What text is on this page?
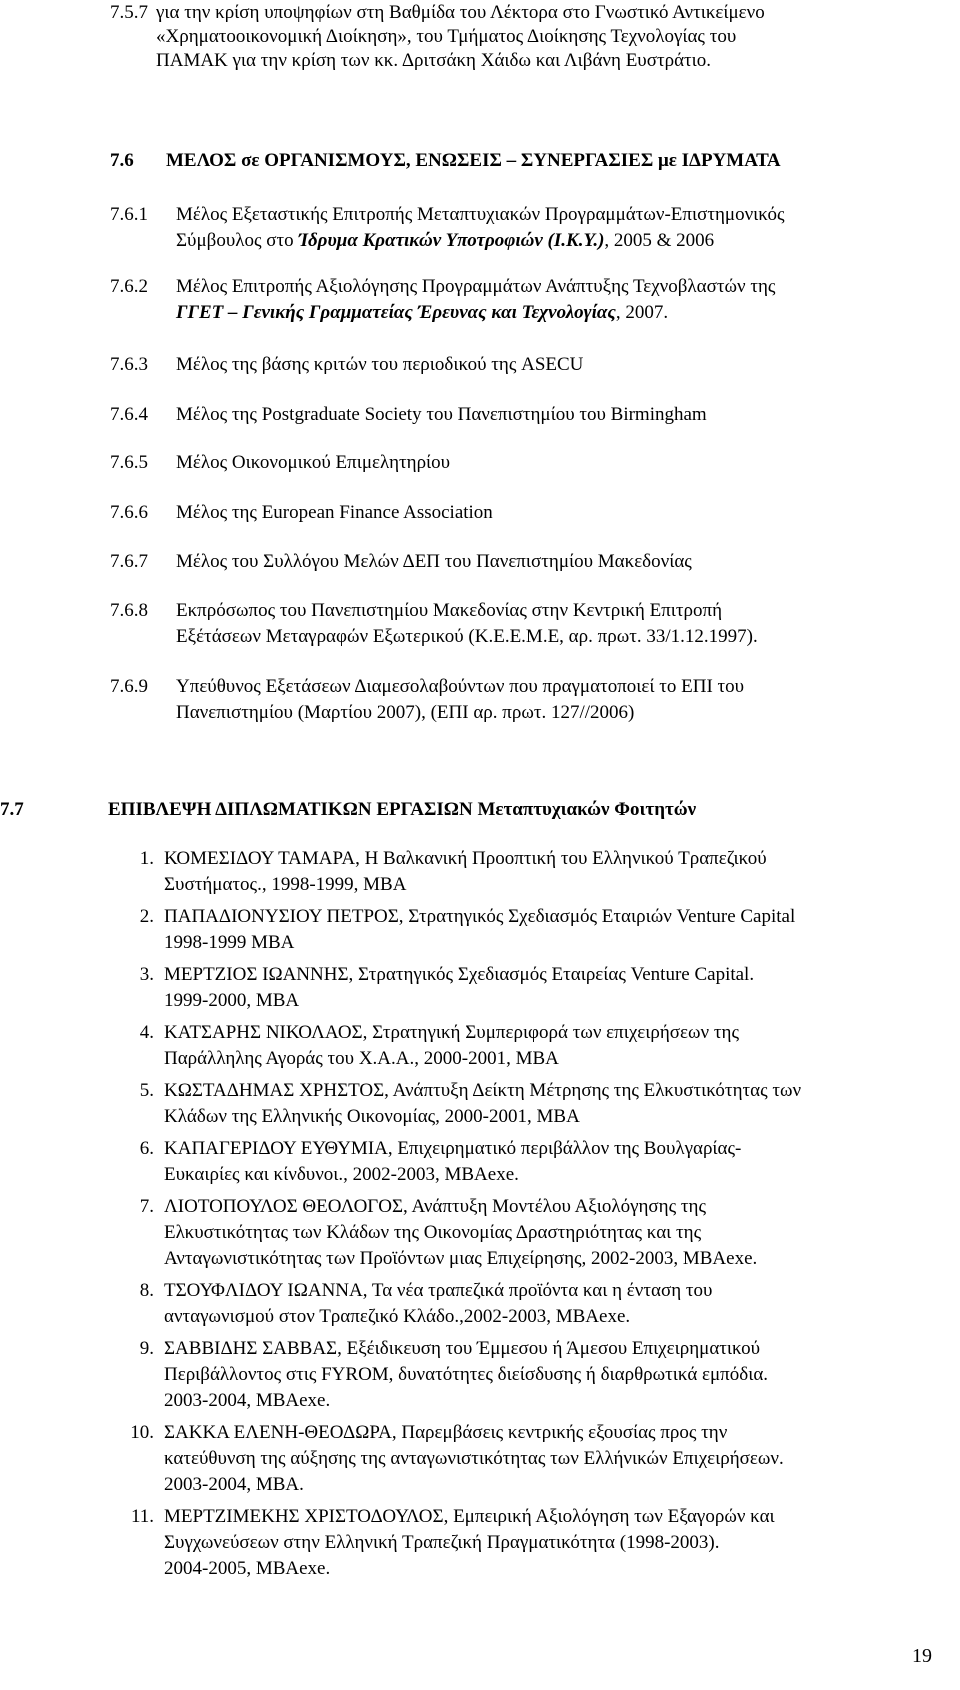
7.5.7 για την κρίση υποψηφίων στη Βαθμίδα του Λέκτορα στο Γνωστικό Αντικείμενο
«Χρηματοοικονομική Διοίκηση», του Τμήματος Διοίκησης Τεχνολογίας του
ΠΑΜΑΚ για την κρίση των κκ. Δριτσάκη Χάιδω και Λιβάνη Ευστράτιο.
7.6	ΜΕΛΟΣ σε ΟΡΓΑΝΙΣΜΟΥΣ, ΕΝΩΣΕΙΣ – ΣΥΝΕΡΓΑΣΙΕΣ με ΙΔΡΥΜΑΤΑ
7.6.1	Μέλος Εξεταστικής Επιτροπής Μεταπτυχιακών Προγραμμάτων-Επιστημονικός
Σύμβουλος στο Ίδρυμα Κρατικών Υποτροφιών (Ι.Κ.Υ.), 2005 & 2006
7.6.2	Μέλος Επιτροπής Αξιολόγησης Προγραμμάτων Ανάπτυξης Τεχνοβλαστών της
ΓΓΕΤ – Γενικής Γραμματείας Έρευνας και Τεχνολογίας, 2007.
7.6.3	Μέλος της βάσης κριτών του περιοδικού της ASECU
7.6.4	Μέλος της Postgraduate Society του Πανεπιστημίου του Birmingham
7.6.5	Μέλος Οικονομικού Επιμελητηρίου
7.6.6	Μέλος της European Finance Association
7.6.7	Μέλος του Συλλόγου Μελών ΔΕΠ του Πανεπιστημίου Μακεδονίας
7.6.8	Εκπρόσωπος του Πανεπιστημίου Μακεδονίας στην Κεντρική Επιτροπή
Εξέτάσεων Μεταγραφών Εξωτερικού (Κ.Ε.Ε.Μ.Ε, αρ. πρωτ. 33/1.12.1997).
7.6.9	Υπεύθυνος Εξετάσεων Διαμεσολαβούντων που πραγματοποιεί το ΕΠΙ του
Πανεπιστημίου (Μαρτίου 2007), (ΕΠΙ αρ. πρωτ. 127//2006)
7.7	ΕΠΙΒΛΕΨΗ ΔΙΠΛΩΜΑΤΙΚΩΝ ΕΡΓΑΣΙΩΝ Μεταπτυχιακών Φοιτητών
1. ΚΟΜΕΣΙΔΟΥ ΤΑΜΑΡΑ, Η Βαλκανική Προοπτική του Ελληνικού Τραπεζικού
Συστήματος., 1998-1999, MBA
2. ΠΑΠΑΔΙΟΝΥΣΙΟΥ ΠΕΤΡΟΣ, Στρατηγικός Σχεδιασμός Εταιριών Venture Capital
1998-1999 MBA
3. ΜΕΡΤΖΙΟΣ ΙΩΑΝΝΗΣ, Στρατηγικός Σχεδιασμός Εταιρείας Venture Capital.
1999-2000, MBA
4. ΚΑΤΣΑΡΗΣ ΝΙΚΟΛΑΟΣ, Στρατηγική Συμπεριφορά των επιχειρήσεων της
Παράλληλης Αγοράς του Χ.Α.Α., 2000-2001, MBA
5. ΚΩΣΤΑΔΗΜΑΣ ΧΡΗΣΤΟΣ, Ανάπτυξη Δείκτη Μέτρησης της Ελκυστικότητας των
Κλάδων της Ελληνικής Οικονομίας, 2000-2001, MBA
6. ΚΑΠΑΓΕΡΙΔΟΥ ΕΥΘΥΜΙΑ, Επιχειρηματικό περιβάλλον της Βουλγαρίας-
Ευκαιρίες και κίνδυνοι., 2002-2003, MBAexe.
7. ΛΙΟΤΟΠΟΥΛΟΣ ΘΕΟΛΟΓΟΣ, Ανάπτυξη Μοντέλου Αξιολόγησης της
Ελκυστικότητας των Κλάδων της Οικονομίας Δραστηριότητας και της
Ανταγωνιστικότητας των Προϊόντων μιας Επιχείρησης, 2002-2003, MBAexe.
8. ΤΣΟΥΦΛΙΔΟΥ ΙΩΑΝΝΑ, Τα νέα τραπεζικά προϊόντα και η ένταση του
ανταγωνισμού στον Τραπεζικό Κλάδο.,2002-2003, MBAexe.
9. ΣΑΒΒΙΔΗΣ ΣΑΒΒΑΣ, Εξέιδικευση του Έμμεσου ή Άμεσου Επιχειρηματικού
Περιβάλλοντος στις FYROM, δυνατότητες διείσδυσης ή διαρθρωτικά εμπόδια.
2003-2004, MBAexe.
10. ΣΑΚΚΑ ΕΛΕΝΗ-ΘΕΟΔΩΡΑ, Παρεμβάσεις κεντρικής εξουσίας προς την
κατεύθυνση της αύξησης της ανταγωνιστικότητας των Ελλήνικών Επιχειρήσεων.
2003-2004, MBA.
11. ΜΕΡΤΖΙΜΕΚΗΣ ΧΡΙΣΤΟΔΟΥΛΟΣ, Εμπειρική Αξιολόγηση των Εξαγορών και
Συγχωνεύσεων στην Ελληνική Τραπεζική Πραγματικότητα (1998-2003).
2004-2005, MBAexe.
19
